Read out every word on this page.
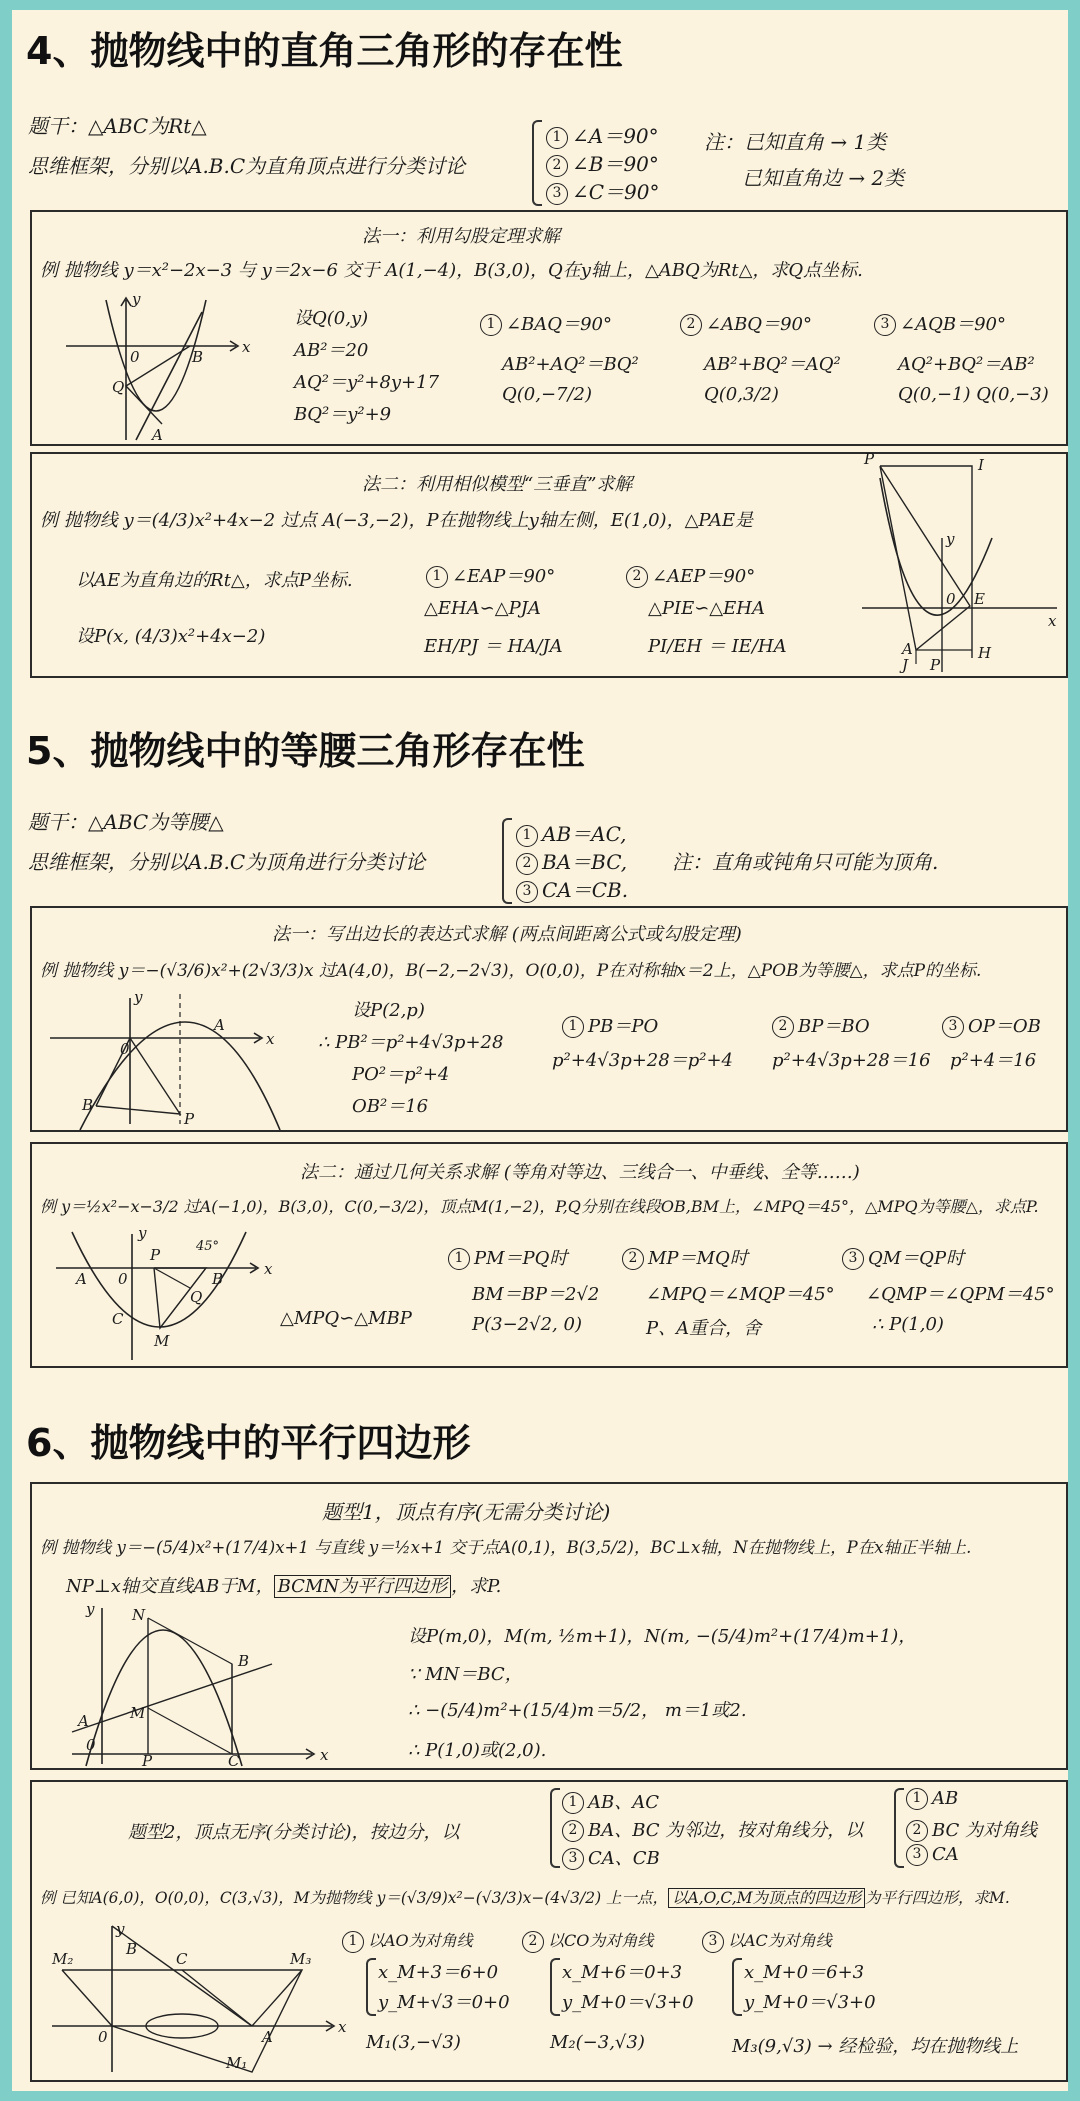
4、抛物线中的直角三角形的存在性
题干：△ABC为Rt△
思维框架，分别以A.B.C为直角顶点进行分类讨论
1 ∠A＝90°
2 ∠B＝90°
3 ∠C＝90°
注：已知直角 → 1类
已知直角边 → 2类
法一：利用勾股定理求解
例 抛物线 y＝x²−2x−3 与 y＝2x−6 交于 A(1,−4)，B(3,0)，Q在y轴上，△ABQ为Rt△，求Q点坐标.
y
x
0
Q
B
A
设Q(0,y)
AB²＝20
AQ²＝y²+8y+17
BQ²＝y²+9
1 ∠BAQ＝90°
AB²+AQ²＝BQ²
Q(0,−7/2)
2 ∠ABQ＝90°
AB²+BQ²＝AQ²
Q(0,3/2)
3 ∠AQB＝90°
AQ²+BQ²＝AB²
Q(0,−1) Q(0,−3)
法二：利用相似模型“三垂直”求解
例 抛物线 y＝(4/3)x²+4x−2 过点 A(−3,−2)，P在抛物线上y轴左侧，E(1,0)，△PAE是
以AE为直角边的Rt△，求点P坐标.
设P(x, (4/3)x²+4x−2)
1 ∠EAP＝90°
△EHA∽△PJA
EH/PJ ＝ HA/JA
2 ∠AEP＝90°
△PIE∽△EHA
PI/EH ＝ IE/HA
P	I
y
0 E
x
A
J
H
P
5、抛物线中的等腰三角形存在性
题干：△ABC为等腰△
思维框架，分别以A.B.C为顶角进行分类讨论
1 AB＝AC,
2 BA＝BC,
3 CA＝CB.
注：直角或钝角只可能为顶角.
法一：写出边长的表达式求解 (两点间距离公式或勾股定理)
例 抛物线 y＝−(√3/6)x²+(2√3/3)x 过A(4,0)，B(−2,−2√3)，O(0,0)，P在对称轴x＝2上，△POB为等腰△，求点P的坐标.
y
x
0
A
B
P
设P(2,p)
∴ PB²＝p²+4√3p+28
PO²＝p²+4
OB²＝16
1 PB＝PO
p²+4√3p+28＝p²+4
2 BP＝BO
p²+4√3p+28＝16
3 OP＝OB
p²+4＝16
法二：通过几何关系求解 (等角对等边、三线合一、中垂线、全等……)
例 y＝½x²−x−3/2 过A(−1,0)，B(3,0)，C(0,−3/2)，顶点M(1,−2)，P,Q分别在线段OB,BM上，∠MPQ＝45°，△MPQ为等腰△，求点P.
y
x
A 0
P
Q
B
C
M
45°
△MPQ∽△MBP
1 PM＝PQ时
BM＝BP＝2√2
P(3−2√2, 0)
2 MP＝MQ时
∠MPQ＝∠MQP＝45°
P、A重合，舍
3 QM＝QP时
∠QMP＝∠QPM＝45°
∴ P(1,0)
6、抛物线中的平行四边形
题型1，顶点有序(无需分类讨论)
例 抛物线 y＝−(5/4)x²+(17/4)x+1 与直线 y＝½x+1 交于点A(0,1)，B(3,5/2)，BC⊥x轴，N在抛物线上，P在x轴正半轴上.
NP⊥x轴交直线AB于M， BCMN为平行四边形 ，求P.
y	N
B
A	M
0
P	C	x
设P(m,0)，M(m, ½m+1)，N(m, −(5/4)m²+(17/4)m+1)，
∵ MN＝BC，
∴ −(5/4)m²+(15/4)m＝5/2， m＝1或2.
∴ P(1,0)或(2,0).
题型2，顶点无序(分类讨论)，按边分，以
1 AB、AC
2 BA、BC 为邻边，按对角线分，以
3 CA、CB
1 AB
2 BC 为对角线
3 CA
例 已知A(6,0)，O(0,0)，C(3,√3)，M为抛物线 y＝(√3/9)x²−(√3/3)x−(4√3/2) 上一点， 以A,O,C,M为顶点的四边形 为平行四边形，求M.
y
B
C
M₂	M₃
0	A
x
M₁
1 以AO为对角线
x_M+3＝6+0
y_M+√3＝0+0
M₁(3,−√3)
2 以CO为对角线
x_M+6＝0+3
y_M+0＝√3+0
M₂(−3,√3)
3 以AC为对角线
x_M+0＝6+3
y_M+0＝√3+0
M₃(9,√3) → 经检验，均在抛物线上
